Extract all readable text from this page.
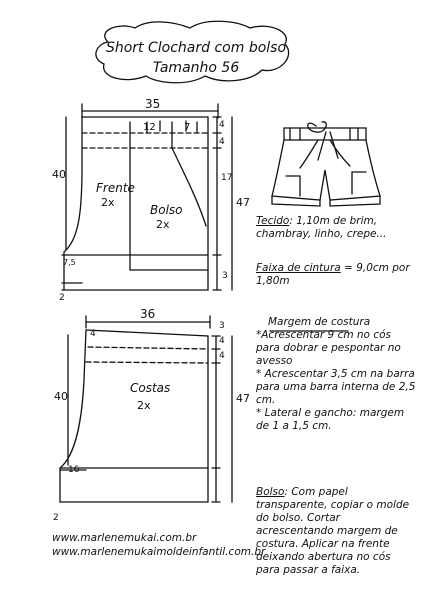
Short Clochard com bolso
Tamanho 56
35
12	7
Frente
2x
Bolso
2x
40
47
4
4
17
3
7,5
2
36
4
Costas
2x
40	47
3
4
4
16
2
Tecido: 1,10m de brim, chambray, linho, crepe...
Faixa de cintura = 9,0cm por 1,80m
Margem de costura
*Acrescentar 9 cm no cós para dobrar e pespontar no avesso
* Acrescentar 3,5 cm na barra para uma barra interna de 2,5 cm.
* Lateral e gancho: margem de 1 a 1,5 cm.
Bolso: Com papel transparente, copiar o molde do bolso. Cortar acrescentando margem de costura. Aplicar na frente deixando abertura no cós para passar a faixa.
www.marlenemukai.com.br
www.marlenemukaimoldeinfantil.com.br
